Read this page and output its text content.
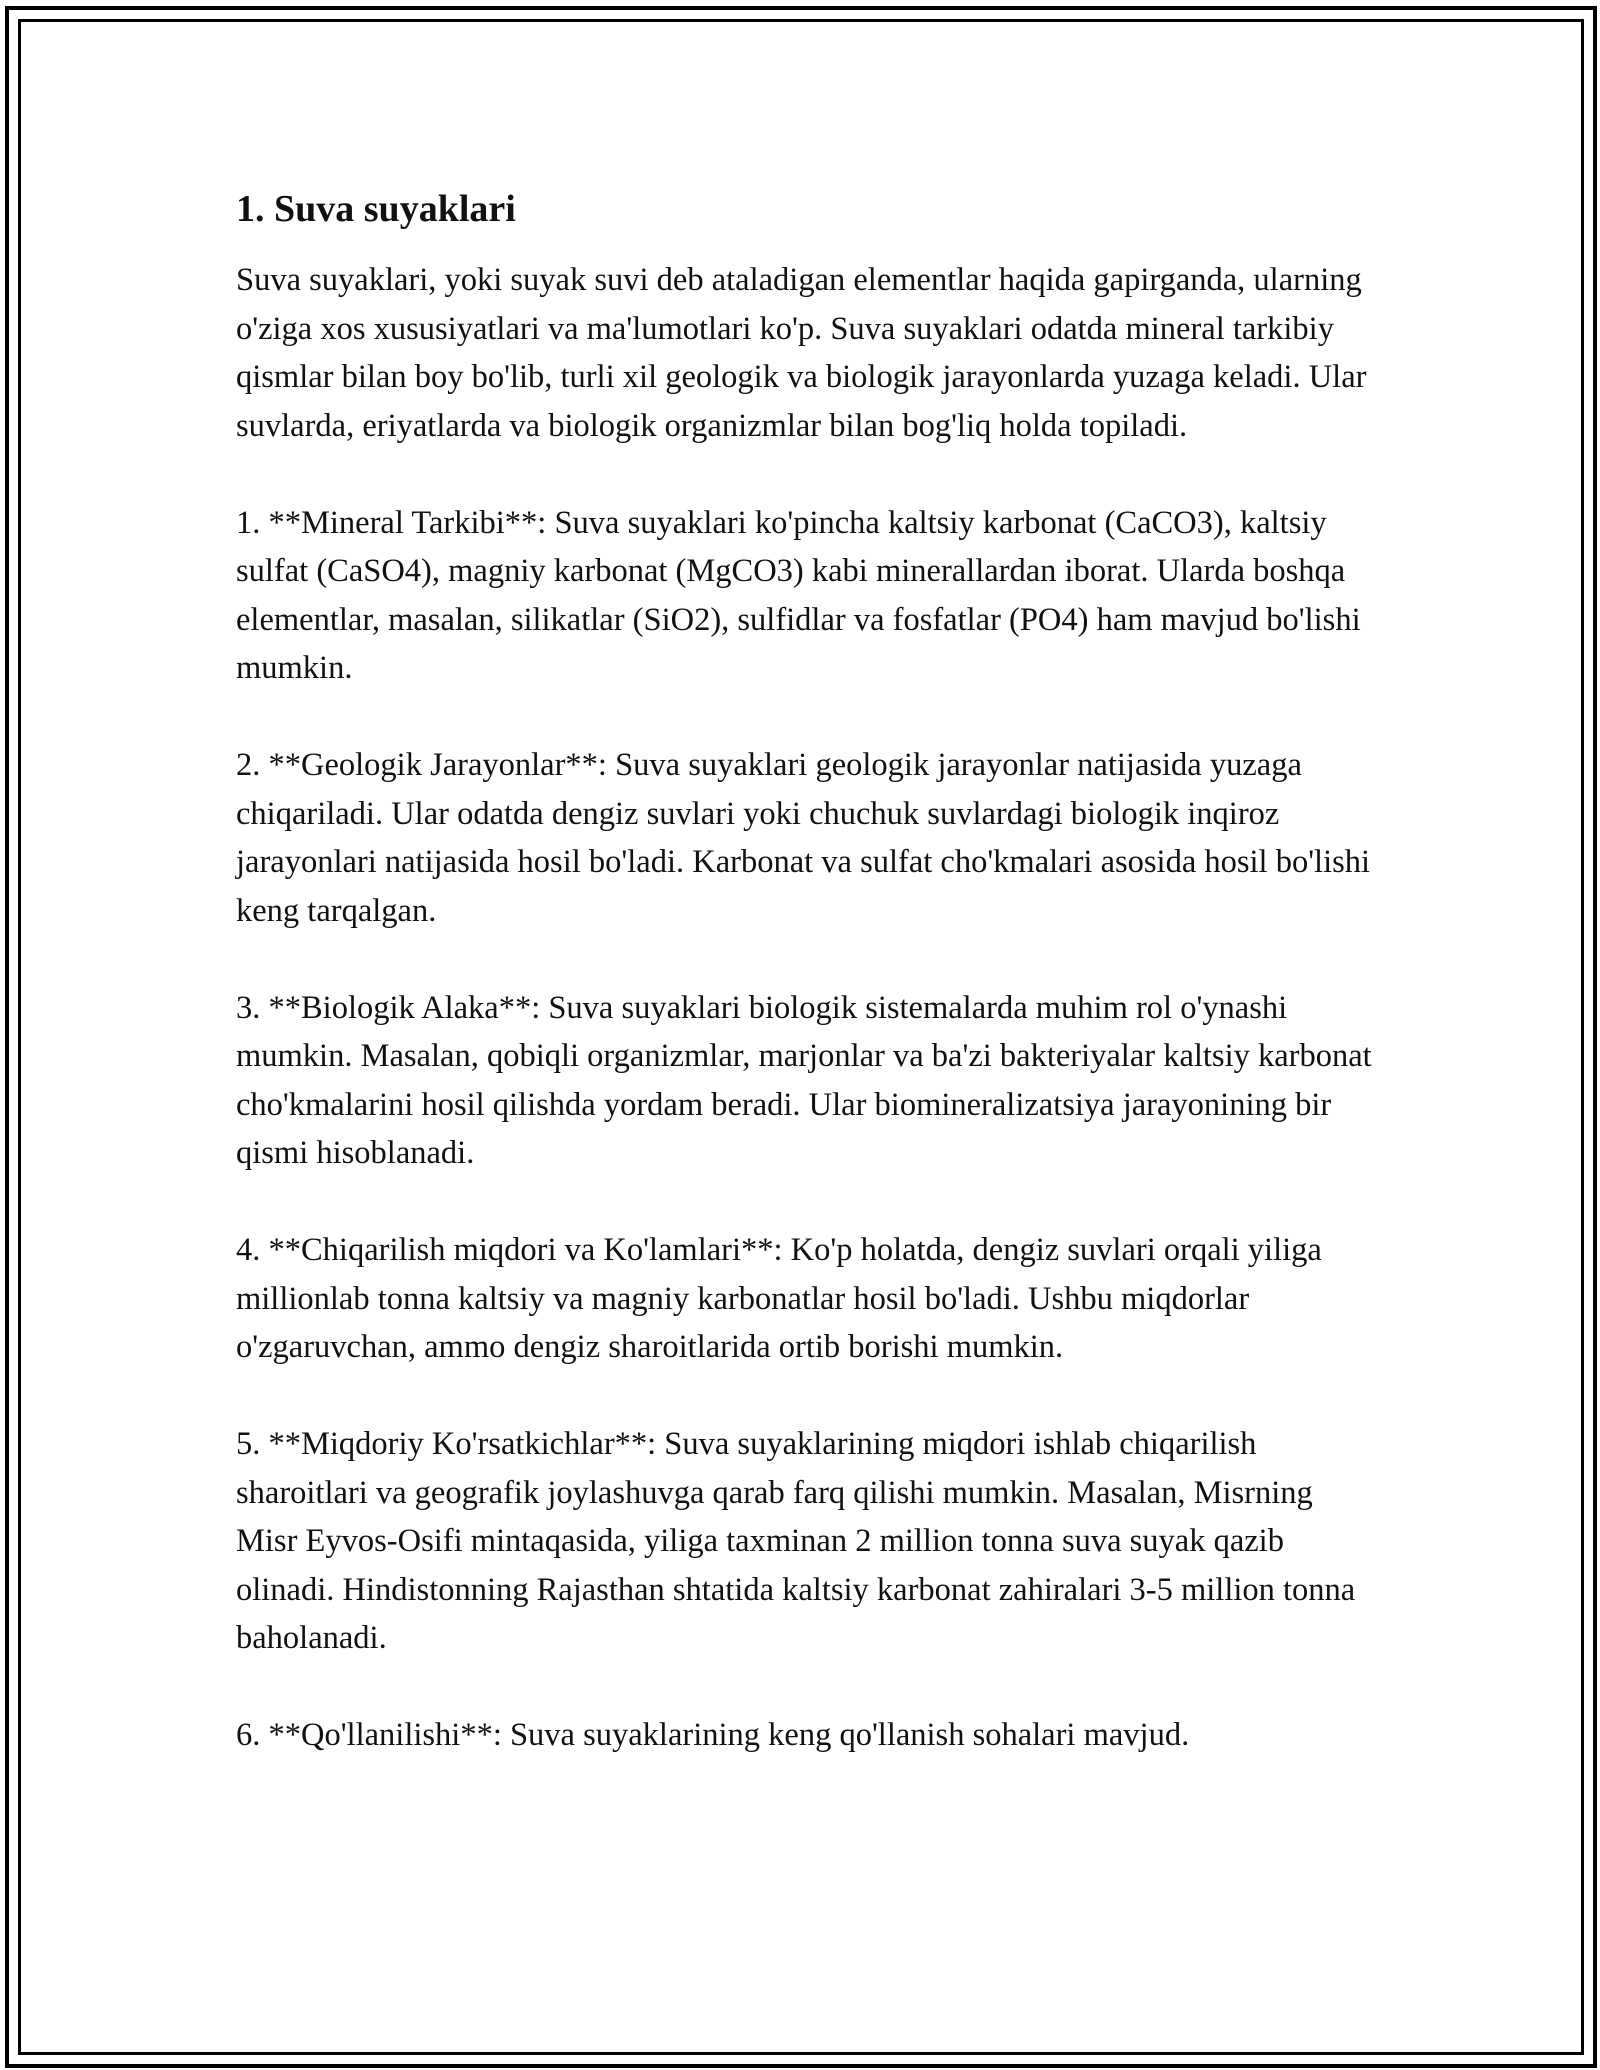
1. Suva suyaklari

Suva suyaklari, yoki suyak suvi deb ataladigan elementlar haqida gapirganda, ularning o'ziga xos xususiyatlari va ma'lumotlari ko'p. Suva suyaklari odatda mineral tarkibiy qismlar bilan boy bo'lib, turli xil geologik va biologik jarayonlarda yuzaga keladi. Ular suvlarda, eriyatlarda va biologik organizmlar bilan bog'liq holda topiladi.

1. **Mineral Tarkibi**: Suva suyaklari ko'pincha kaltsiy karbonat (CaCO3), kaltsiy sulfat (CaSO4), magniy karbonat (MgCO3) kabi minerallardan iborat. Ularda boshqa elementlar, masalan, silikatlar (SiO2), sulfidlar va fosfatlar (PO4) ham mavjud bo'lishi mumkin.

2. **Geologik Jarayonlar**: Suva suyaklari geologik jarayonlar natijasida yuzaga chiqariladi. Ular odatda dengiz suvlari yoki chuchuk suvlardagi biologik inqiroz jarayonlari natijasida hosil bo'ladi. Karbonat va sulfat cho'kmalari asosida hosil bo'lishi keng tarqalgan.

3. **Biologik Alaka**: Suva suyaklari biologik sistemalarda muhim rol o'ynashi mumkin. Masalan, qobiqli organizmlar, marjonlar va ba'zi bakteriyalar kaltsiy karbonat cho'kmalarini hosil qilishda yordam beradi. Ular biomineralizatsiya jarayonining bir qismi hisoblanadi.

4. **Chiqarilish miqdori va Ko'lamlari**: Ko'p holatda, dengiz suvlari orqali yiliga millionlab tonna kaltsiy va magniy karbonatlar hosil bo'ladi. Ushbu miqdorlar o'zgaruvchan, ammo dengiz sharoitlarida ortib borishi mumkin.

5. **Miqdoriy Ko'rsatkichlar**: Suva suyaklarining miqdori ishlab chiqarilish sharoitlari va geografik joylashuvga qarab farq qilishi mumkin. Masalan, Misrning Misr Eyvos-Osifi mintaqasida, yiliga taxminan 2 million tonna suva suyak qazib olinadi. Hindistonning Rajasthan shtatida kaltsiy karbonat zahiralari 3-5 million tonna baholanadi.

6. **Qo'llanilishi**: Suva suyaklarining keng qo'llanish sohalari mavjud.
